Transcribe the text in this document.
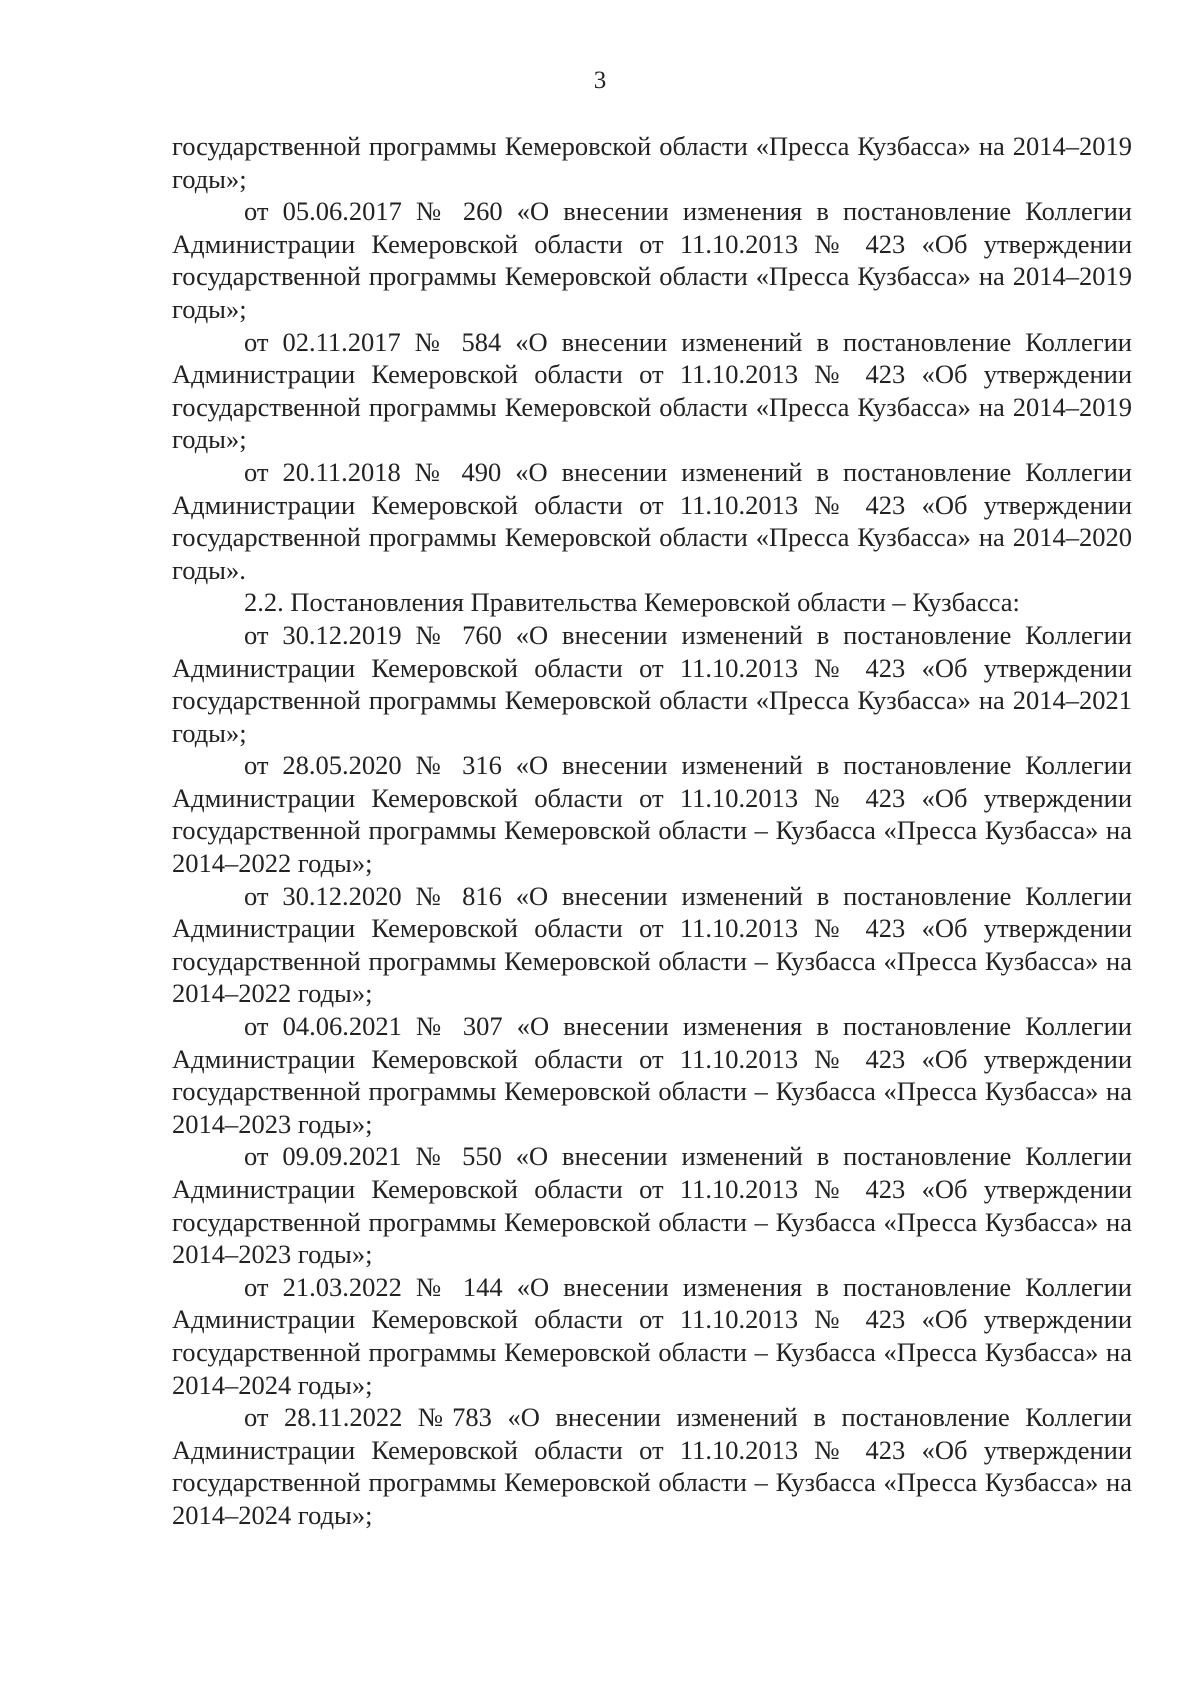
3

государственной программы Кемеровской области «Пресса Кузбасса» на 2014–2019 годы»;

от 05.06.2017 № 260 «О внесении изменения в постановление Коллегии Администрации Кемеровской области от 11.10.2013 № 423 «Об утверждении государственной программы Кемеровской области «Пресса Кузбасса» на 2014–2019 годы»;

от 02.11.2017 № 584 «О внесении изменений в постановление Коллегии Администрации Кемеровской области от 11.10.2013 № 423 «Об утверждении государственной программы Кемеровской области «Пресса Кузбасса» на 2014–2019 годы»;

от 20.11.2018 № 490 «О внесении изменений в постановление Коллегии Администрации Кемеровской области от 11.10.2013 № 423 «Об утверждении государственной программы Кемеровской области «Пресса Кузбасса» на 2014–2020 годы».

2.2. Постановления Правительства Кемеровской области – Кузбасса:

от 30.12.2019 № 760 «О внесении изменений в постановление Коллегии Администрации Кемеровской области от 11.10.2013 № 423 «Об утверждении государственной программы Кемеровской области «Пресса Кузбасса» на 2014–2021 годы»;

от 28.05.2020 № 316 «О внесении изменений в постановление Коллегии Администрации Кемеровской области от 11.10.2013 № 423 «Об утверждении государственной программы Кемеровской области – Кузбасса «Пресса Кузбасса» на 2014–2022 годы»;

от 30.12.2020 № 816 «О внесении изменений в постановление Коллегии Администрации Кемеровской области от 11.10.2013 № 423 «Об утверждении государственной программы Кемеровской области – Кузбасса «Пресса Кузбасса» на 2014–2022 годы»;

от 04.06.2021 № 307 «О внесении изменения в постановление Коллегии Администрации Кемеровской области от 11.10.2013 № 423 «Об утверждении государственной программы Кемеровской области – Кузбасса «Пресса Кузбасса» на 2014–2023 годы»;

от 09.09.2021 № 550 «О внесении изменений в постановление Коллегии Администрации Кемеровской области от 11.10.2013 № 423 «Об утверждении государственной программы Кемеровской области – Кузбасса «Пресса Кузбасса» на 2014–2023 годы»;

от 21.03.2022 № 144 «О внесении изменения в постановление Коллегии Администрации Кемеровской области от 11.10.2013 № 423 «Об утверждении государственной программы Кемеровской области – Кузбасса «Пресса Кузбасса» на 2014–2024 годы»;

от 28.11.2022 №783 «О внесении изменений в постановление Коллегии Администрации Кемеровской области от 11.10.2013 № 423 «Об утверждении государственной программы Кемеровской области – Кузбасса «Пресса Кузбасса» на 2014–2024 годы»;
